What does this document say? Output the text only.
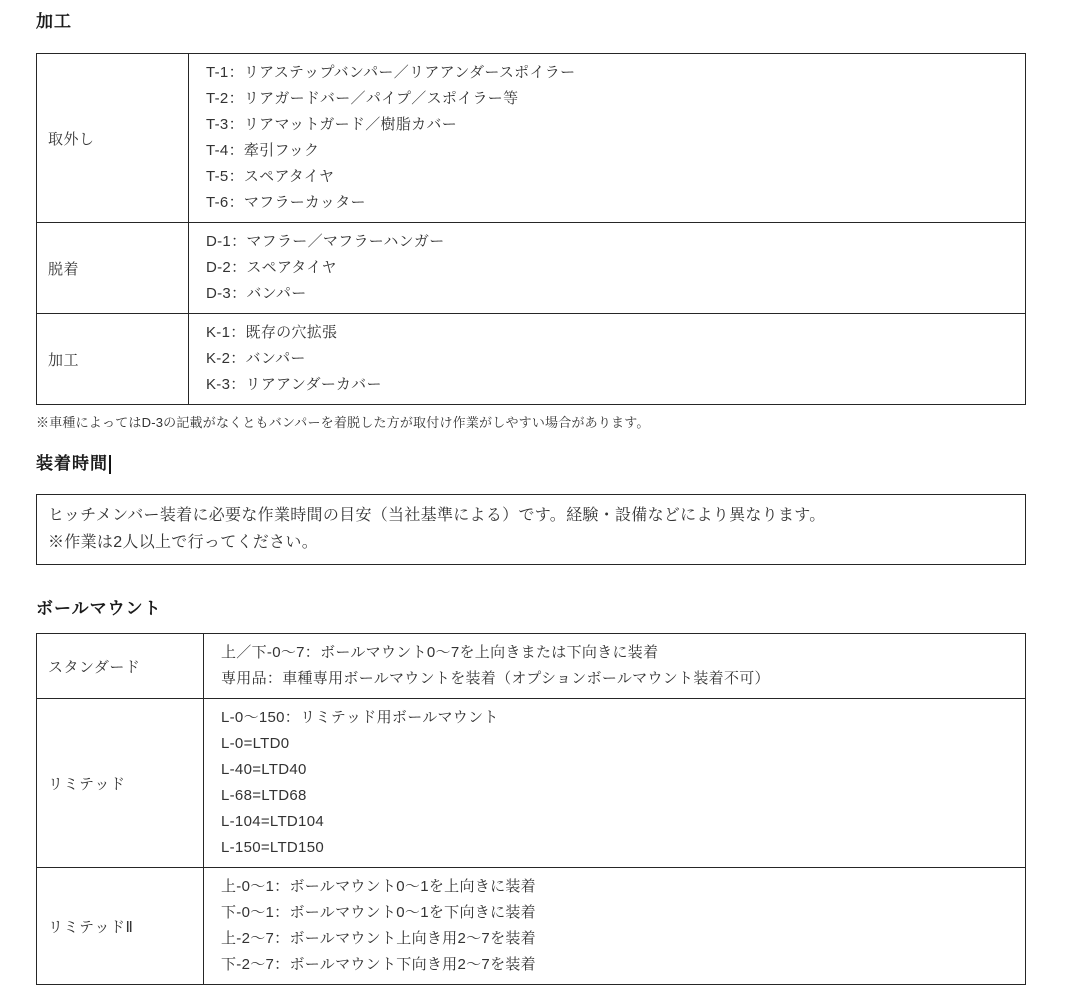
加工
取外し	
T-1：リアステップバンパー／リアアンダースポイラー
T-2：リアガードバー／パイプ／スポイラー等
T-3：リアマットガード／樹脂カバー
T-4：牽引フック
T-5：スペアタイヤ
T-6：マフラーカッター

脱着	D-1：マフラー／マフラーハンガー
D-2：スペアタイヤ
D-3：バンパー

加工	K-1：既存の穴拡張
K-2：バンパー
K-3：リアアンダーカバー
※車種によってはD-3の記載がなくともバンパーを着脱した方が取付け作業がしやすい場合があります。
装着時間
ヒッチメンバー装着に必要な作業時間の目安（当社基準による）です。経験・設備などにより異なります。
※作業は2人以上で行ってください。
ボールマウント
スタンダード	上／下-0～7：ボールマウント0～7を上向きまたは下向きに装着
専用品：車種専用ボールマウントを装着（オプションボールマウント装着不可）

リミテッド	
L-0～150：リミテッド用ボールマウント
L-0=LTD0
L-40=LTD40
L-68=LTD68
L-104=LTD104
L-150=LTD150

リミテッドⅡ	上-0～1：ボールマウント0～1を上向きに装着
下-0～1：ボールマウント0～1を下向きに装着
上-2～7：ボールマウント上向き用2～7を装着
下-2～7：ボールマウント下向き用2～7を装着
